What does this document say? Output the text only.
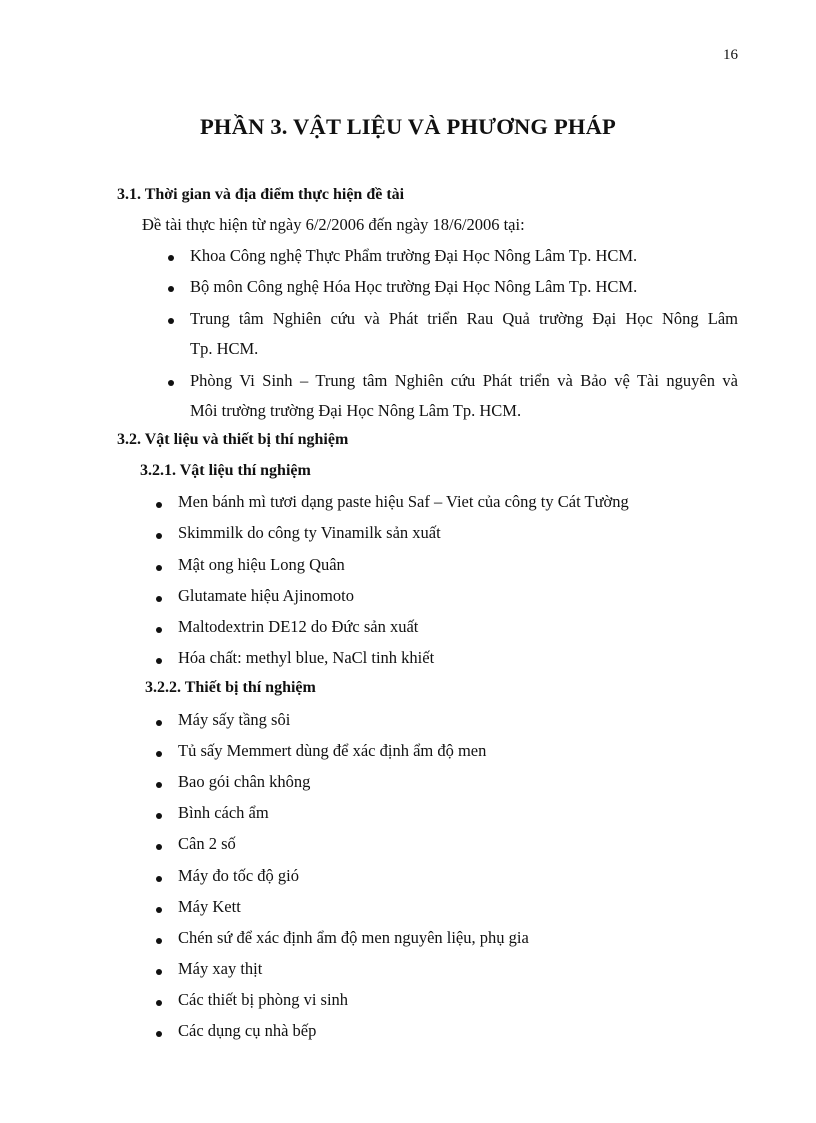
16
PHẦN 3. VẬT LIỆU VÀ PHƯƠNG PHÁP
3.1. Thời gian và địa điểm thực hiện đề tài
Đề tài thực hiện từ ngày 6/2/2006 đến ngày 18/6/2006 tại:
Khoa Công nghệ Thực Phẩm trường Đại Học Nông Lâm Tp. HCM.
Bộ môn Công nghệ Hóa Học trường Đại Học Nông Lâm Tp. HCM.
Trung tâm Nghiên cứu và Phát triển Rau Quả trường Đại Học Nông Lâm
Tp. HCM.
Phòng Vi Sinh – Trung tâm Nghiên cứu Phát triển và Bảo vệ Tài nguyên và
Môi trường trường Đại Học Nông Lâm Tp. HCM.
3.2. Vật liệu và thiết bị thí nghiệm
3.2.1. Vật liệu thí nghiệm
Men bánh mì tươi dạng paste hiệu Saf – Viet của công ty Cát Tường
Skimmilk do công ty Vinamilk sản xuất
Mật ong hiệu Long Quân
Glutamate hiệu Ajinomoto
Maltodextrin DE12 do Đức sản xuất
Hóa chất: methyl blue, NaCl tinh khiết
3.2.2. Thiết bị thí nghiệm
Máy sấy tầng sôi
Tủ sấy Memmert dùng để xác định ẩm độ men
Bao gói chân không
Bình cách ẩm
Cân 2 số
Máy đo tốc độ gió
Máy Kett
Chén sứ để xác định ẩm độ men nguyên liệu, phụ gia
Máy xay thịt
Các thiết bị phòng vi sinh
Các dụng cụ nhà bếp
